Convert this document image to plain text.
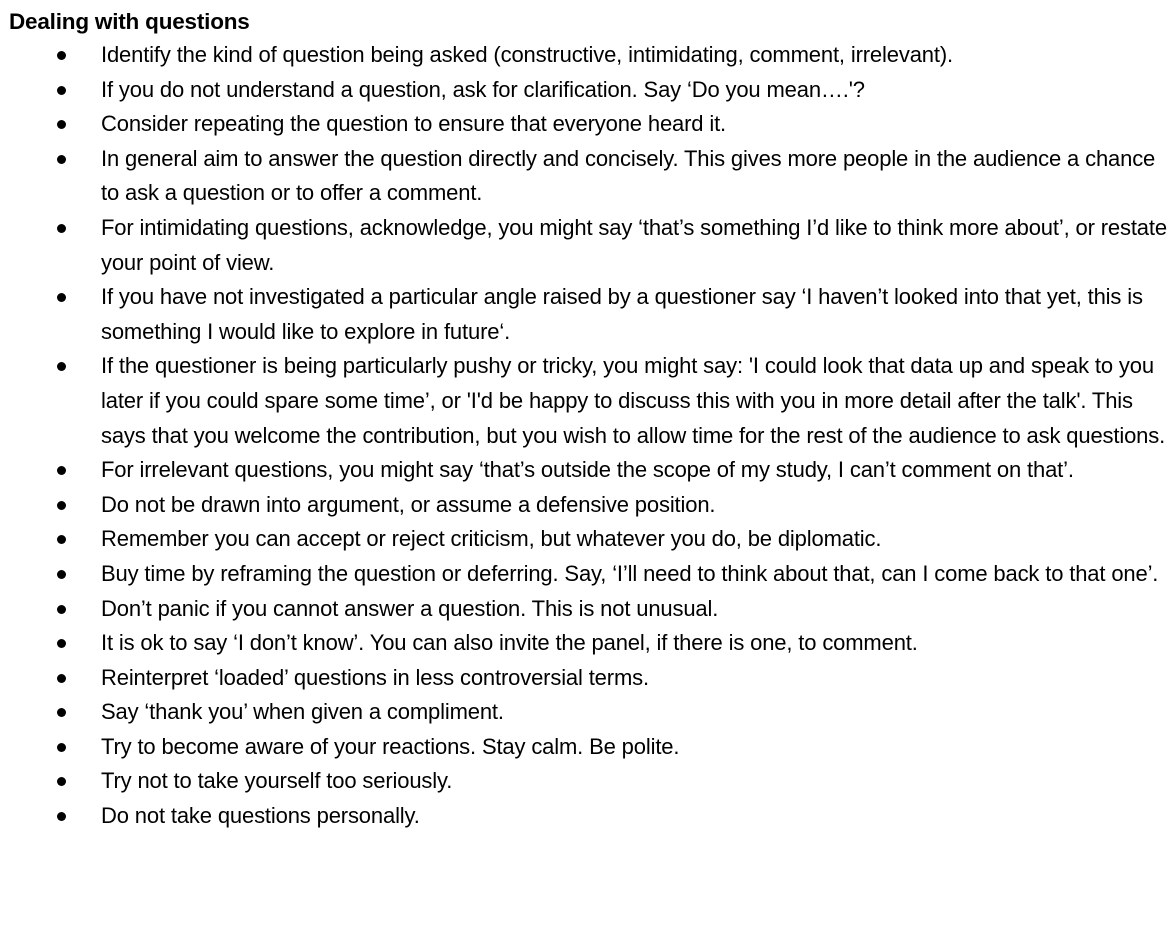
Dealing with questions
Identify the kind of question being asked (constructive, intimidating, comment, irrelevant).
If you do not understand a question, ask for clarification. Say ‘Do you mean….'?
Consider repeating the question to ensure that everyone heard it.
In general aim to answer the question directly and concisely. This gives more people in the audience a chance to ask a question or to offer a comment.
For intimidating questions, acknowledge, you might say ‘that’s something I’d like to think more about’, or restate your point of view.
If you have not investigated a particular angle raised by a questioner say ‘I haven’t looked into that yet, this is something I would like to explore in future‘.
If the questioner is being particularly pushy or tricky, you might say: 'I could look that data up and speak to you later if you could spare some time’, or 'I'd be happy to discuss this with you in more detail after the talk'. This says that you welcome the contribution, but you wish to allow time for the rest of the audience to ask questions.
For irrelevant questions, you might say ‘that’s outside the scope of my study, I can’t comment on that’.
Do not be drawn into argument, or assume a defensive position.
Remember you can accept or reject criticism, but whatever you do, be diplomatic.
Buy time by reframing the question or deferring. Say, ‘I’ll need to think about that, can I come back to that one’.
Don’t panic if you cannot answer a question. This is not unusual.
It is ok to say ‘I don’t know’. You can also invite the panel, if there is one, to comment.
Reinterpret ‘loaded’ questions in less controversial terms.
Say ‘thank you’ when given a compliment.
Try to become aware of your reactions. Stay calm. Be polite.
Try not to take yourself too seriously.
Do not take questions personally.
